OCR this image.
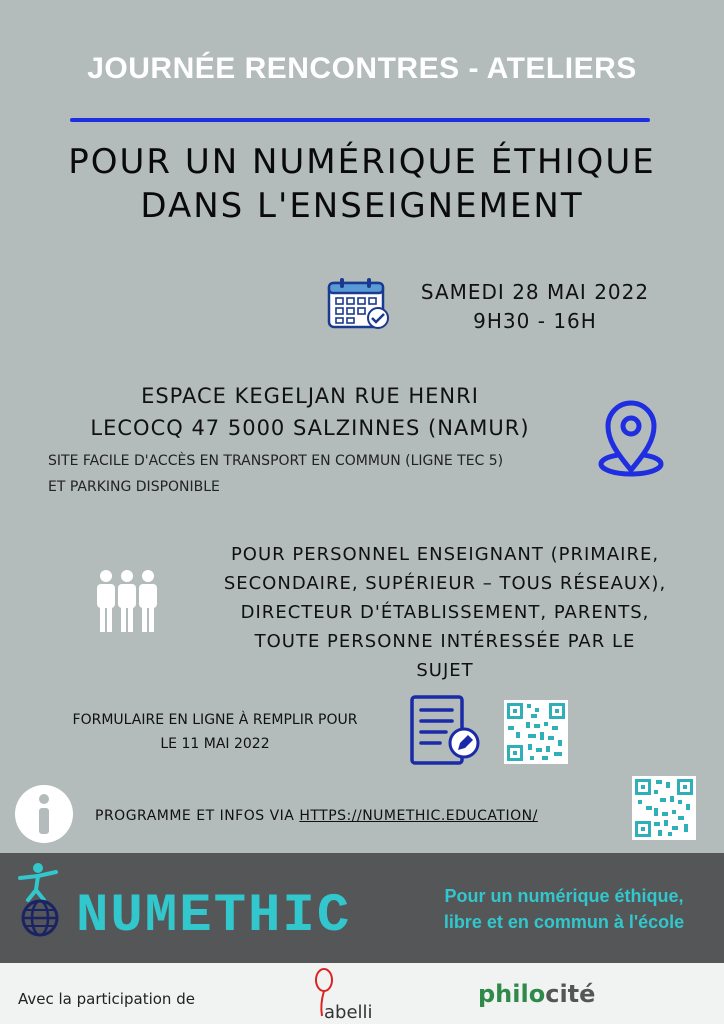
JOURNÉE RENCONTRES - ATELIERS
POUR UN NUMÉRIQUE ÉTHIQUE
DANS L'ENSEIGNEMENT
SAMEDI 28 MAI 2022
9H30 - 16H
ESPACE KEGELJAN RUE HENRI
LECOCQ 47 5000 SALZINNES (NAMUR)
SITE FACILE D'ACCÈS EN TRANSPORT EN COMMUN (LIGNE TEC 5)
ET PARKING DISPONIBLE
POUR PERSONNEL ENSEIGNANT (PRIMAIRE,
SECONDAIRE, SUPÉRIEUR – TOUS RÉSEAUX),
DIRECTEUR D'ÉTABLISSEMENT, PARENTS,
TOUTE PERSONNE INTÉRESSÉE PAR LE
SUJET
FORMULAIRE EN LIGNE À REMPLIR POUR
LE 11 MAI 2022
PROGRAMME ET INFOS VIA HTTPS://NUMETHIC.EDUCATION/
NUMETHIC	Pour un numérique éthique,
libre et en commun à l'école
Avec la participation de
abelli
philocité
